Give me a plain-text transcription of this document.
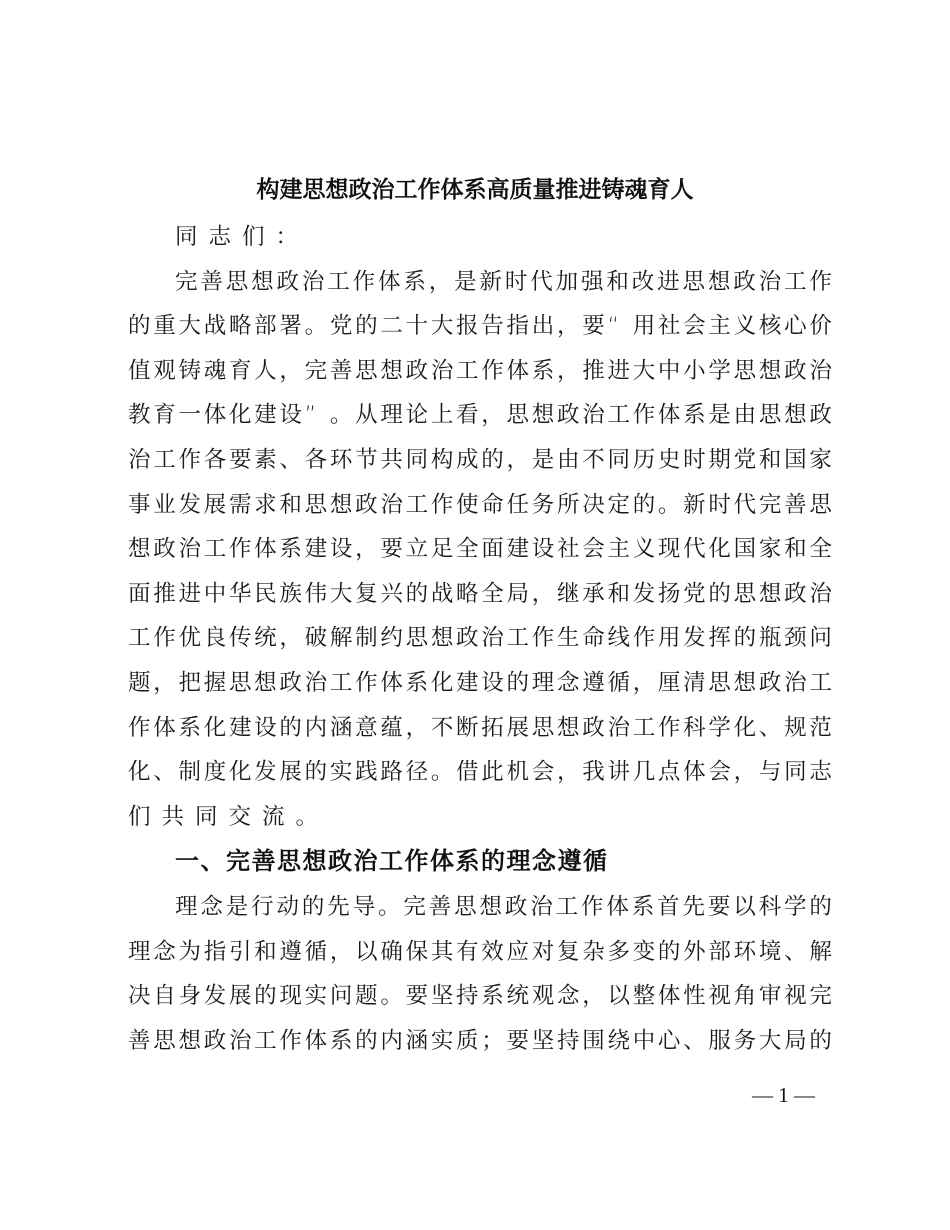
构建思想政治工作体系高质量推进铸魂育人
同 志 们 ：
完 善 思 想 政 治 工 作 体 系 ， 是 新 时 代 加 强 和 改 进 思 想 政 治 工 作
的 重 大 战 略 部 署 。 党 的 二 十 大 报 告 指 出 ， 要 “ 用 社 会 主 义 核 心 价
值 观 铸 魂 育 人 ， 完 善 思 想 政 治 工 作 体 系 ， 推 进 大 中 小 学 思 想 政 治
教 育 一 体 化 建 设 ” 。 从 理 论 上 看 ， 思 想 政 治 工 作 体 系 是 由 思 想 政
治 工 作 各 要 素 、 各 环 节 共 同 构 成 的 ， 是 由 不 同 历 史 时 期 党 和 国 家
事 业 发 展 需 求 和 思 想 政 治 工 作 使 命 任 务 所 决 定 的 。 新 时 代 完 善 思
想 政 治 工 作 体 系 建 设 ， 要 立 足 全 面 建 设 社 会 主 义 现 代 化 国 家 和 全
面 推 进 中 华 民 族 伟 大 复 兴 的 战 略 全 局 ， 继 承 和 发 扬 党 的 思 想 政 治
工 作 优 良 传 统 ， 破 解 制 约 思 想 政 治 工 作 生 命 线 作 用 发 挥 的 瓶 颈 问
题 ， 把 握 思 想 政 治 工 作 体 系 化 建 设 的 理 念 遵 循 ， 厘 清 思 想 政 治 工
作 体 系 化 建 设 的 内 涵 意 蕴 ， 不 断 拓 展 思 想 政 治 工 作 科 学 化 、 规 范
化 、 制 度 化 发 展 的 实 践 路 径 。 借 此 机 会 ， 我 讲 几 点 体 会 ， 与 同 志
们 共 同 交 流 。
一、完善思想政治工作体系的理念遵循
理 念 是 行 动 的 先 导 。 完 善 思 想 政 治 工 作 体 系 首 先 要 以 科 学 的
理 念 为 指 引 和 遵 循 ， 以 确 保 其 有 效 应 对 复 杂 多 变 的 外 部 环 境 、 解
决 自 身 发 展 的 现 实 问 题 。 要 坚 持 系 统 观 念 ， 以 整 体 性 视 角 审 视 完
善 思 想 政 治 工 作 体 系 的 内 涵 实 质 ； 要 坚 持 围 绕 中 心 、 服 务 大 局 的
— 1 —
